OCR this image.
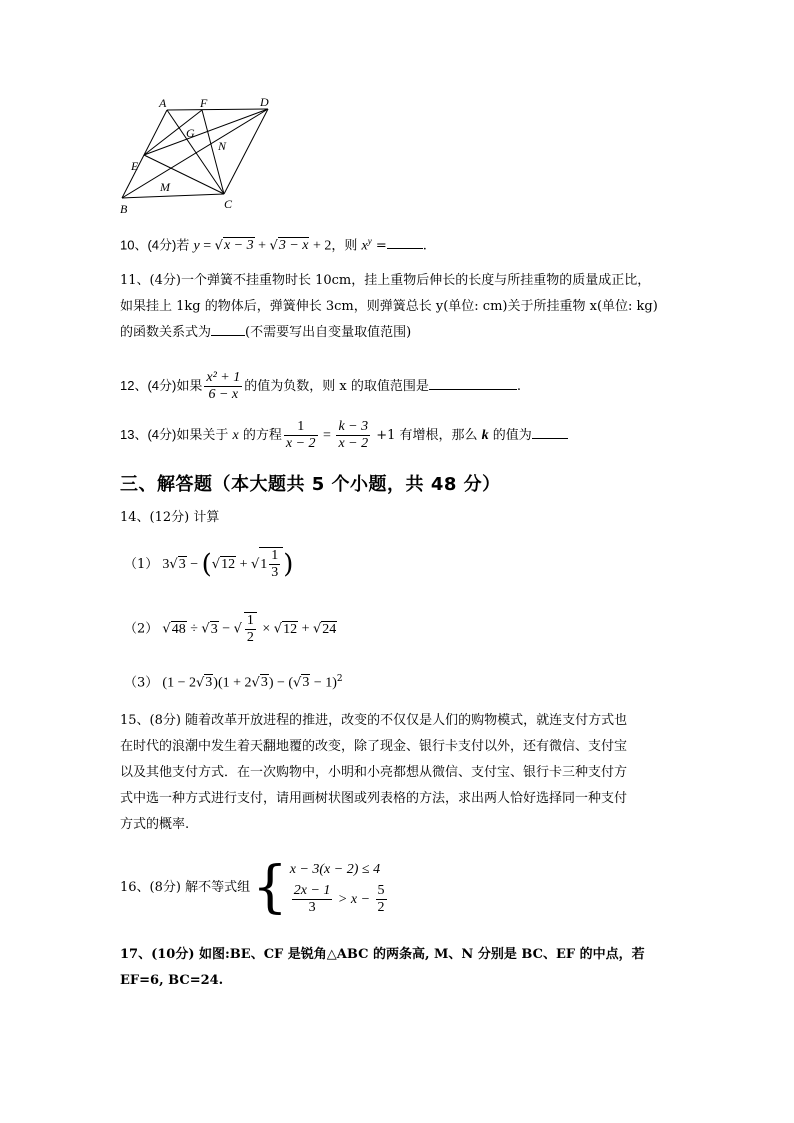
A	F	D
G
N
E
M
B	C
10、(4分)若 y = √x − 3 + √3 − x + 2，则 $x^y$ =	.
11、(4分)一个弹簧不挂重物时长 10cm，挂上重物后伸长的长度与所挂重物的质量成正比，
如果挂上 1kg 的物体后，弹簧伸长 3cm，则弹簧总长 y(单位: cm)关于所挂重物 x(单位: kg)
的函数关系式为	(不需要写出自变量取值范围)
12、(4分)如果 $\frac{\text{x² + 1}}{6 - x}$ 的值为负数，则 x 的取值范围是	.
13、(4分)如果关于 x 的方程 $\frac{1}{x - 2} = \frac{k - 3}{x - 2} +1$ 有增根，那么 k 的值为
三、解答题（本大题共 5 个小题，共 48 分）
14、(12分) 计算
（1） $3√3 - (√12 + √1 \frac{1}{3}$ )
（2） √48 ÷ √3 − √ $\frac{1}{2} \times √12 + √24$
（3） $(1 - 2√3)(1 + 2√3) - (√3 - 1)^2$
15、(8分) 随着改革开放进程的推进，改变的不仅仅是人们的购物模式，就连支付方式也
在时代的浪潮中发生着天翻地覆的改变，除了现金、银行卡支付以外，还有微信、支付宝
以及其他支付方式．在一次购物中，小明和小亮都想从微信、支付宝、银行卡三种支付方
式中选一种方式进行支付，请用画树状图或列表格的方法，求出两人恰好选择同一种支付
方式的概率.
16、(8分) 解不等式组 { x − 3(x − 2) ≤ 4
$\frac{2x - 1}{3} > x - \frac{5}{2}$
17、(10分) 如图:BE、CF 是锐角△ABC 的两条高, M、N 分别是 BC、EF 的中点，若
EF=6, BC=24.
